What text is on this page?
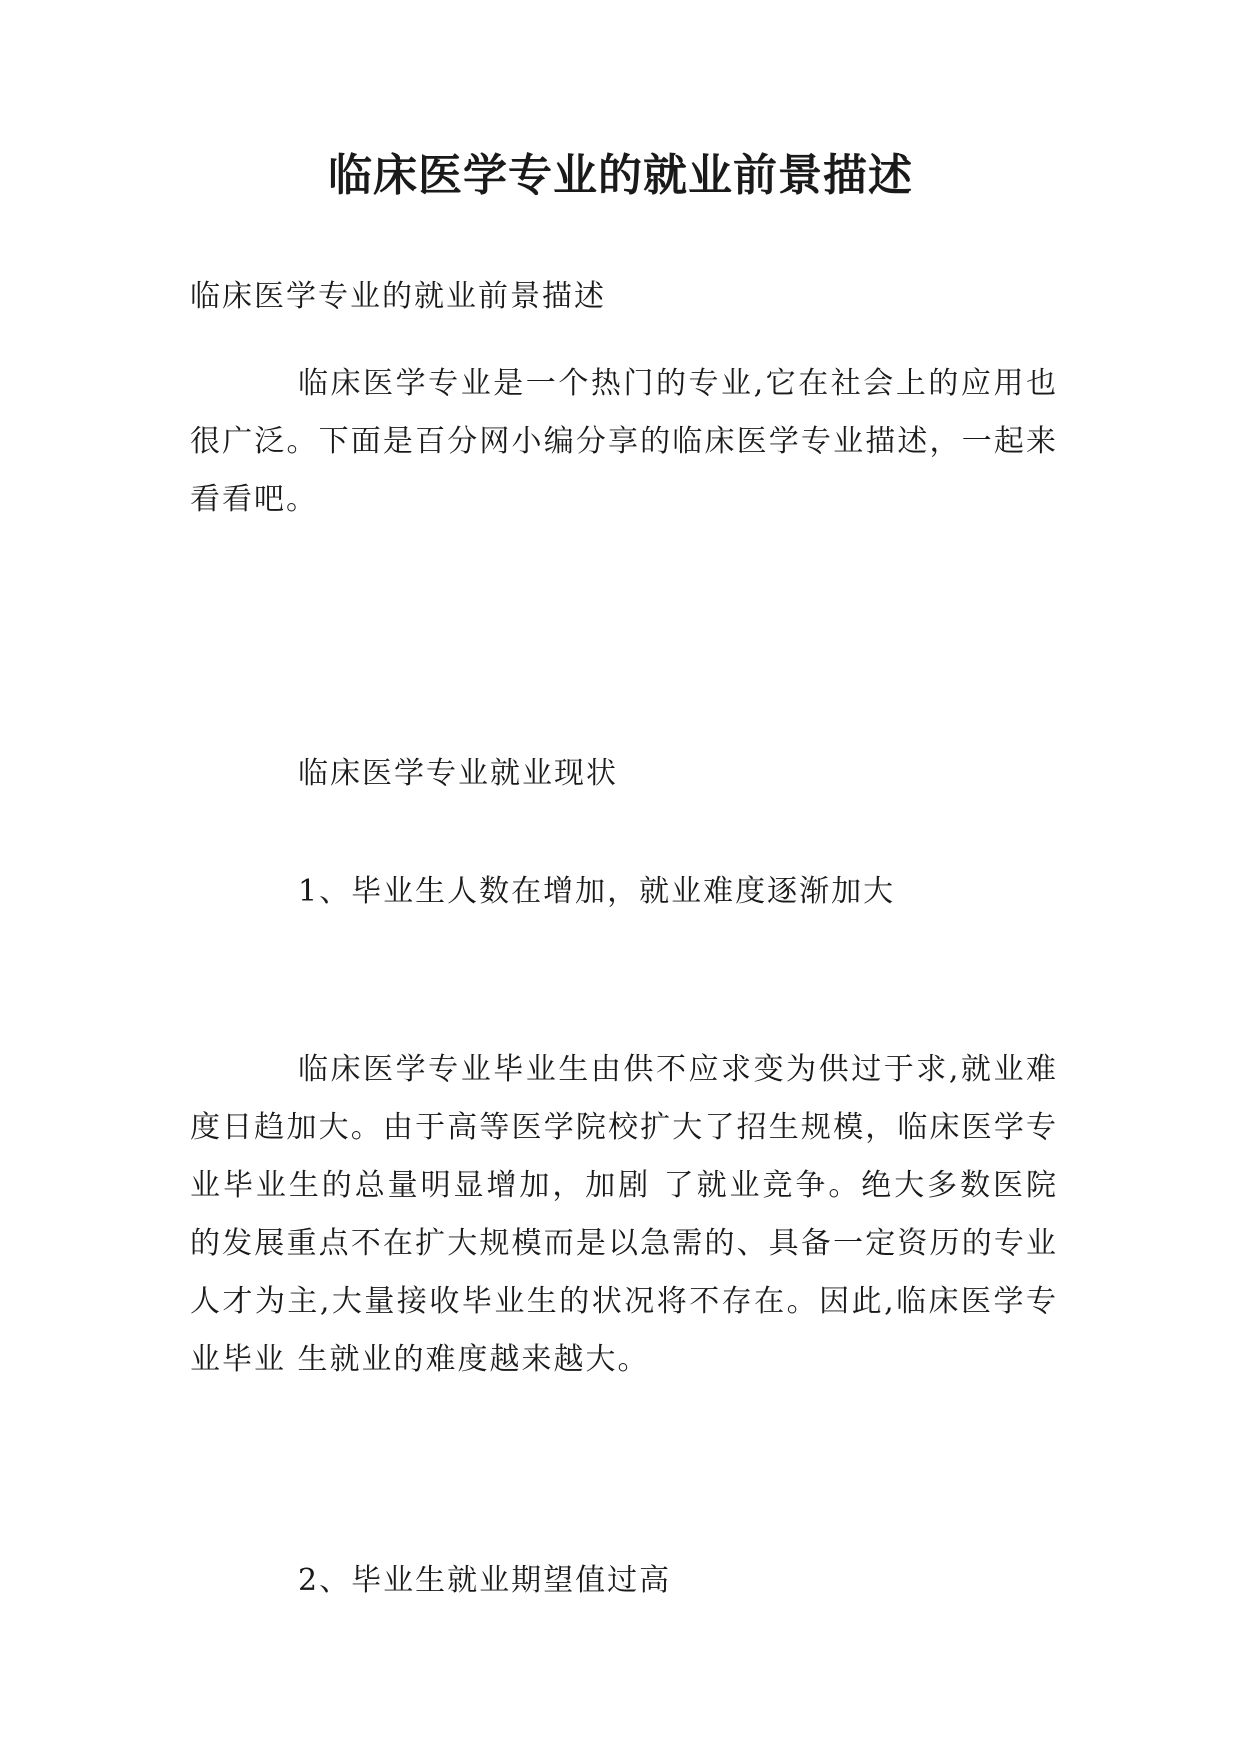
临床医学专业的就业前景描述

临床医学专业的就业前景描述

临床医学专业是一个热门的专业,它在社会上的应用也很广泛。下面是百分网小编分享的临床医学专业描述，一起来看看吧。

临床医学专业就业现状

1、毕业生人数在增加，就业难度逐渐加大

临床医学专业毕业生由供不应求变为供过于求,就业难度日趋加大。由于高等医学院校扩大了招生规模，临床医学专业毕业生的总量明显增加，加剧 了就业竞争。绝大多数医院的发展重点不在扩大规模而是以急需的、具备一定资历的专业人才为主,大量接收毕业生的状况将不存在。因此,临床医学专业毕业 生就业的难度越来越大。

2、毕业生就业期望值过高
